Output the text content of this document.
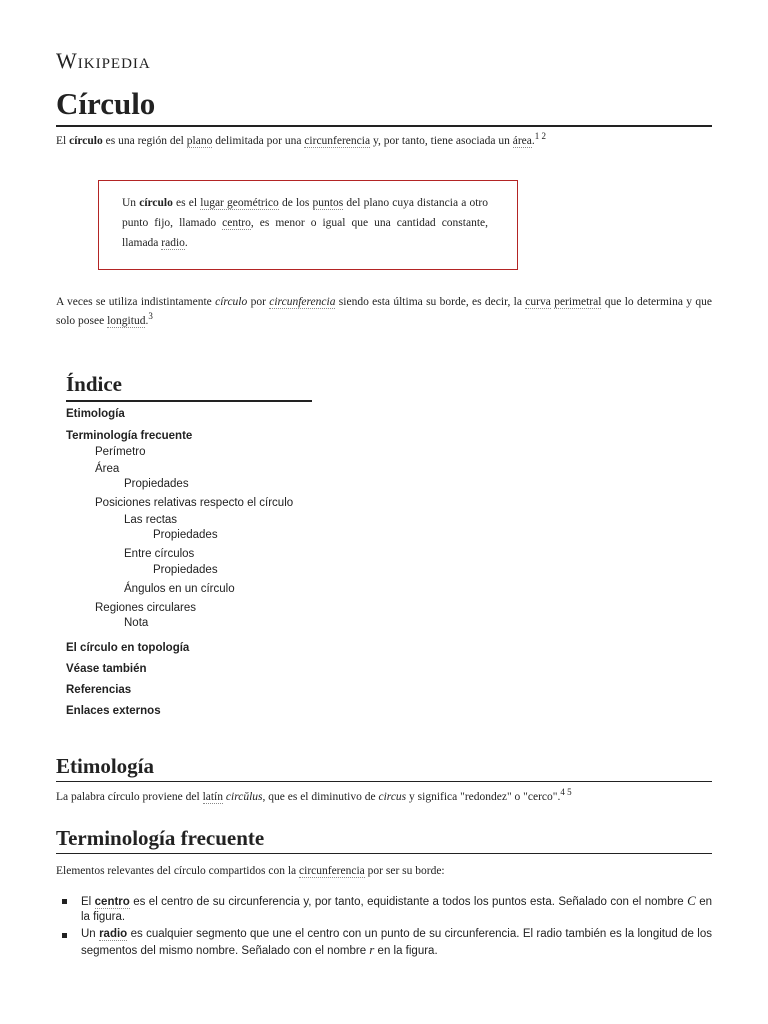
Wikipedia
Círculo
El círculo es una región del plano delimitada por una circunferencia y, por tanto, tiene asociada un área.$^{1 2}$
Un círculo es el lugar geométrico de los puntos del plano cuya distancia a otro punto fijo, llamado centro, es menor o igual que una cantidad constante, llamada radio.
A veces se utiliza indistintamente círculo por circunferencia siendo esta última su borde, es decir, la curva perimetral que lo determina y que solo posee longitud.$^3$
Índice
Etimología
Terminología frecuente
Perímetro
Área
Propiedades
Posiciones relativas respecto el círculo
Las rectas
Propiedades
Entre círculos
Propiedades
Ángulos en un círculo
Regiones circulares
Nota
El círculo en topología
Véase también
Referencias
Enlaces externos
Etimología
La palabra círculo proviene del latín circŭlus, que es el diminutivo de circus y significa "redondez" o "cerco".$^{4 5}$
Terminología frecuente
Elementos relevantes del círculo compartidos con la circunferencia por ser su borde:
El centro es el centro de su circunferencia y, por tanto, equidistante a todos los puntos esta. Señalado con el nombre C en la figura.
Un radio es cualquier segmento que une el centro con un punto de su circunferencia. El radio también es la longitud de los segmentos del mismo nombre. Señalado con el nombre r en la figura.
